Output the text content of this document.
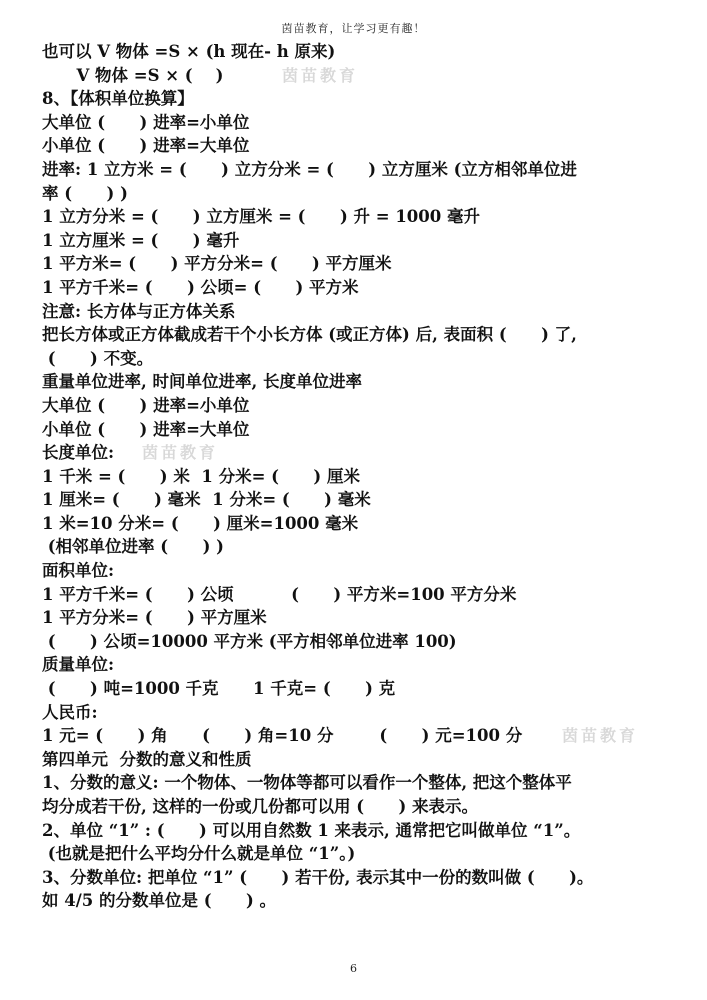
茵苗教育，让学习更有趣！
也可以 V 物体 =S × (h 现在- h 原来)
V 物体 =S × (    )	茵苗教育
8、【体积单位换算】
大单位 (      ) 进率=小单位
小单位 (      ) 进率=大单位
进率: 1 立方米 = (      ) 立方分米 = (      ) 立方厘米 (立方相邻单位进
率 (      ) )
1 立方分米 = (      ) 立方厘米 = (      ) 升 = 1000 毫升
1 立方厘米 = (      ) 毫升
1 平方米= (      ) 平方分米= (      ) 平方厘米
1 平方千米= (      ) 公顷= (      ) 平方米
注意: 长方体与正方体关系
把长方体或正方体截成若干个小长方体 (或正方体) 后, 表面积 (      ) 了,
(      ) 不变。
重量单位进率, 时间单位进率, 长度单位进率
大单位 (      ) 进率=小单位
小单位 (      ) 进率=大单位
长度单位: 茵苗教育
1 千米 = (      ) 米  1 分米= (      ) 厘米
1 厘米= (      ) 毫米  1 分米= (      ) 毫米
1 米=10 分米= (      ) 厘米=1000 毫米
(相邻单位进率 (      ) )
面积单位:
1 平方千米= (      ) 公顷          (      ) 平方米=100 平方分米
1 平方分米= (      ) 平方厘米
(      ) 公顷=10000 平方米 (平方相邻单位进率 100)
质量单位:
(      ) 吨=1000 千克      1 千克= (      ) 克
人民币:
1 元= (      ) 角      (      ) 角=10 分        (      ) 元=100 分 茵苗教育
第四单元  分数的意义和性质
1、分数的意义: 一个物体、一物体等都可以看作一个整体, 把这个整体平
均分成若干份, 这样的一份或几份都可以用 (      ) 来表示。
2、单位 “1” : (      ) 可以用自然数 1 来表示, 通常把它叫做单位 “1”。
(也就是把什么平均分什么就是单位 “1”。)
3、分数单位: 把单位 “1” (      ) 若干份, 表示其中一份的数叫做 (      )。
如 4/5 的分数单位是 (      ) 。
6
